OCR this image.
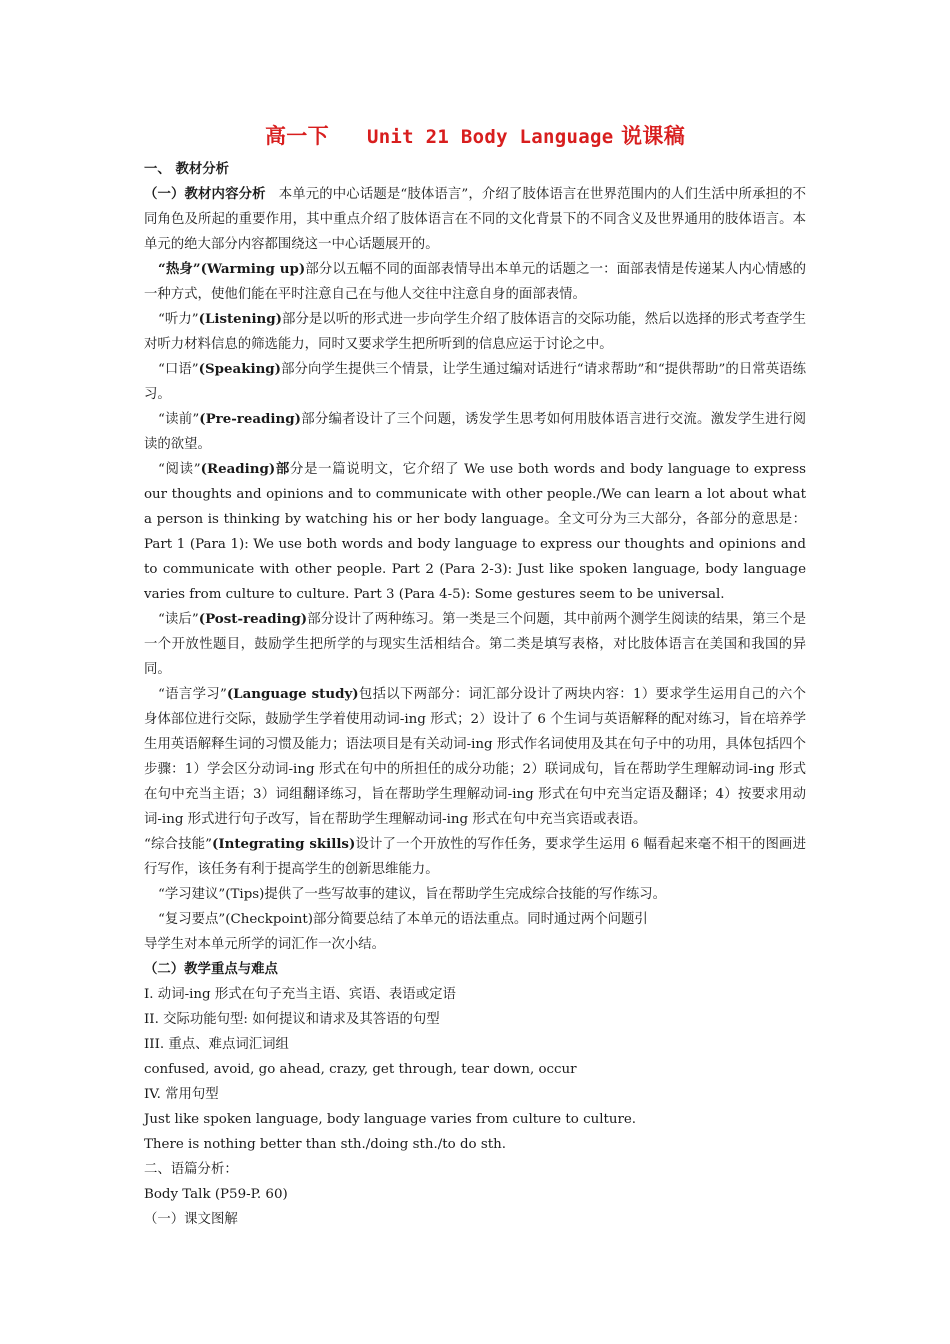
高一下 Unit 21 Body Language 说课稿

一、 教材分析

（一）教材内容分析 本单元的中心话题是“肢体语言”，介绍了肢体语言在世界范围内的人们生活中所承担的不同角色及所起的重要作用，其中重点介绍了肢体语言在不同的文化背景下的不同含义及世界通用的肢体语言。本单元的绝大部分内容都围绕这一中心话题展开的。

“热身”(Warming up)部分以五幅不同的面部表情导出本单元的话题之一：面部表情是传递某人内心情感的一种方式，使他们能在平时注意自己在与他人交往中注意自身的面部表情。

“听力”(Listening)部分是以听的形式进一步向学生介绍了肢体语言的交际功能，然后以选择的形式考查学生对听力材料信息的筛选能力，同时又要求学生把所听到的信息应运于讨论之中。

“口语”(Speaking)部分向学生提供三个情景，让学生通过编对话进行“请求帮助”和“提供帮助”的日常英语练习。

“读前”(Pre-reading)部分编者设计了三个问题，诱发学生思考如何用肢体语言进行交流。激发学生进行阅读的欲望。

“阅读”(Reading)部分是一篇说明文，它介绍了 We use both words and body language to express our thoughts and opinions and to communicate with other people./We can learn a lot about what a person is thinking by watching his or her body language。全文可分为三大部分，各部分的意思是： Part 1 (Para 1): We use both words and body language to express our thoughts and opinions and to communicate with other people. Part 2 (Para 2-3): Just like spoken language, body language varies from culture to culture. Part 3 (Para 4-5): Some gestures seem to be universal.

“读后”(Post-reading)部分设计了两种练习。第一类是三个问题，其中前两个测学生阅读的结果，第三个是一个开放性题目，鼓励学生把所学的与现实生活相结合。第二类是填写表格，对比肢体语言在美国和我国的异同。

“语言学习”(Language study)包括以下两部分：词汇部分设计了两块内容：1）要求学生运用自己的六个身体部位进行交际，鼓励学生学着使用动词-ing 形式；2）设计了 6 个生词与英语解释的配对练习，旨在培养学生用英语解释生词的习惯及能力；语法项目是有关动词-ing 形式作名词使用及其在句子中的功用，具体包括四个步骤：1）学会区分动词-ing 形式在句中的所担任的成分功能；2）联词成句，旨在帮助学生理解动词-ing 形式在句中充当主语；3）词组翻译练习，旨在帮助学生理解动词-ing 形式在句中充当定语及翻译；4）按要求用动词-ing 形式进行句子改写，旨在帮助学生理解动词-ing 形式在句中充当宾语或表语。

“综合技能”(Integrating skills)设计了一个开放性的写作任务，要求学生运用 6 幅看起来毫不相干的图画进行写作，该任务有利于提高学生的创新思维能力。

“学习建议”(Tips)提供了一些写故事的建议，旨在帮助学生完成综合技能的写作练习。

“复习要点”(Checkpoint)部分简要总结了本单元的语法重点。同时通过两个问题引

导学生对本单元所学的词汇作一次小结。

（二）教学重点与难点

I. 动词-ing 形式在句子充当主语、宾语、表语或定语

II. 交际功能句型: 如何提议和请求及其答语的句型

III. 重点、难点词汇词组

confused, avoid, go ahead, crazy, get through, tear down, occur

IV. 常用句型

Just like spoken language, body language varies from culture to culture.

There is nothing better than sth./doing sth./to do sth.

二、语篇分析：

Body Talk (P59-P. 60)

（一）课文图解
